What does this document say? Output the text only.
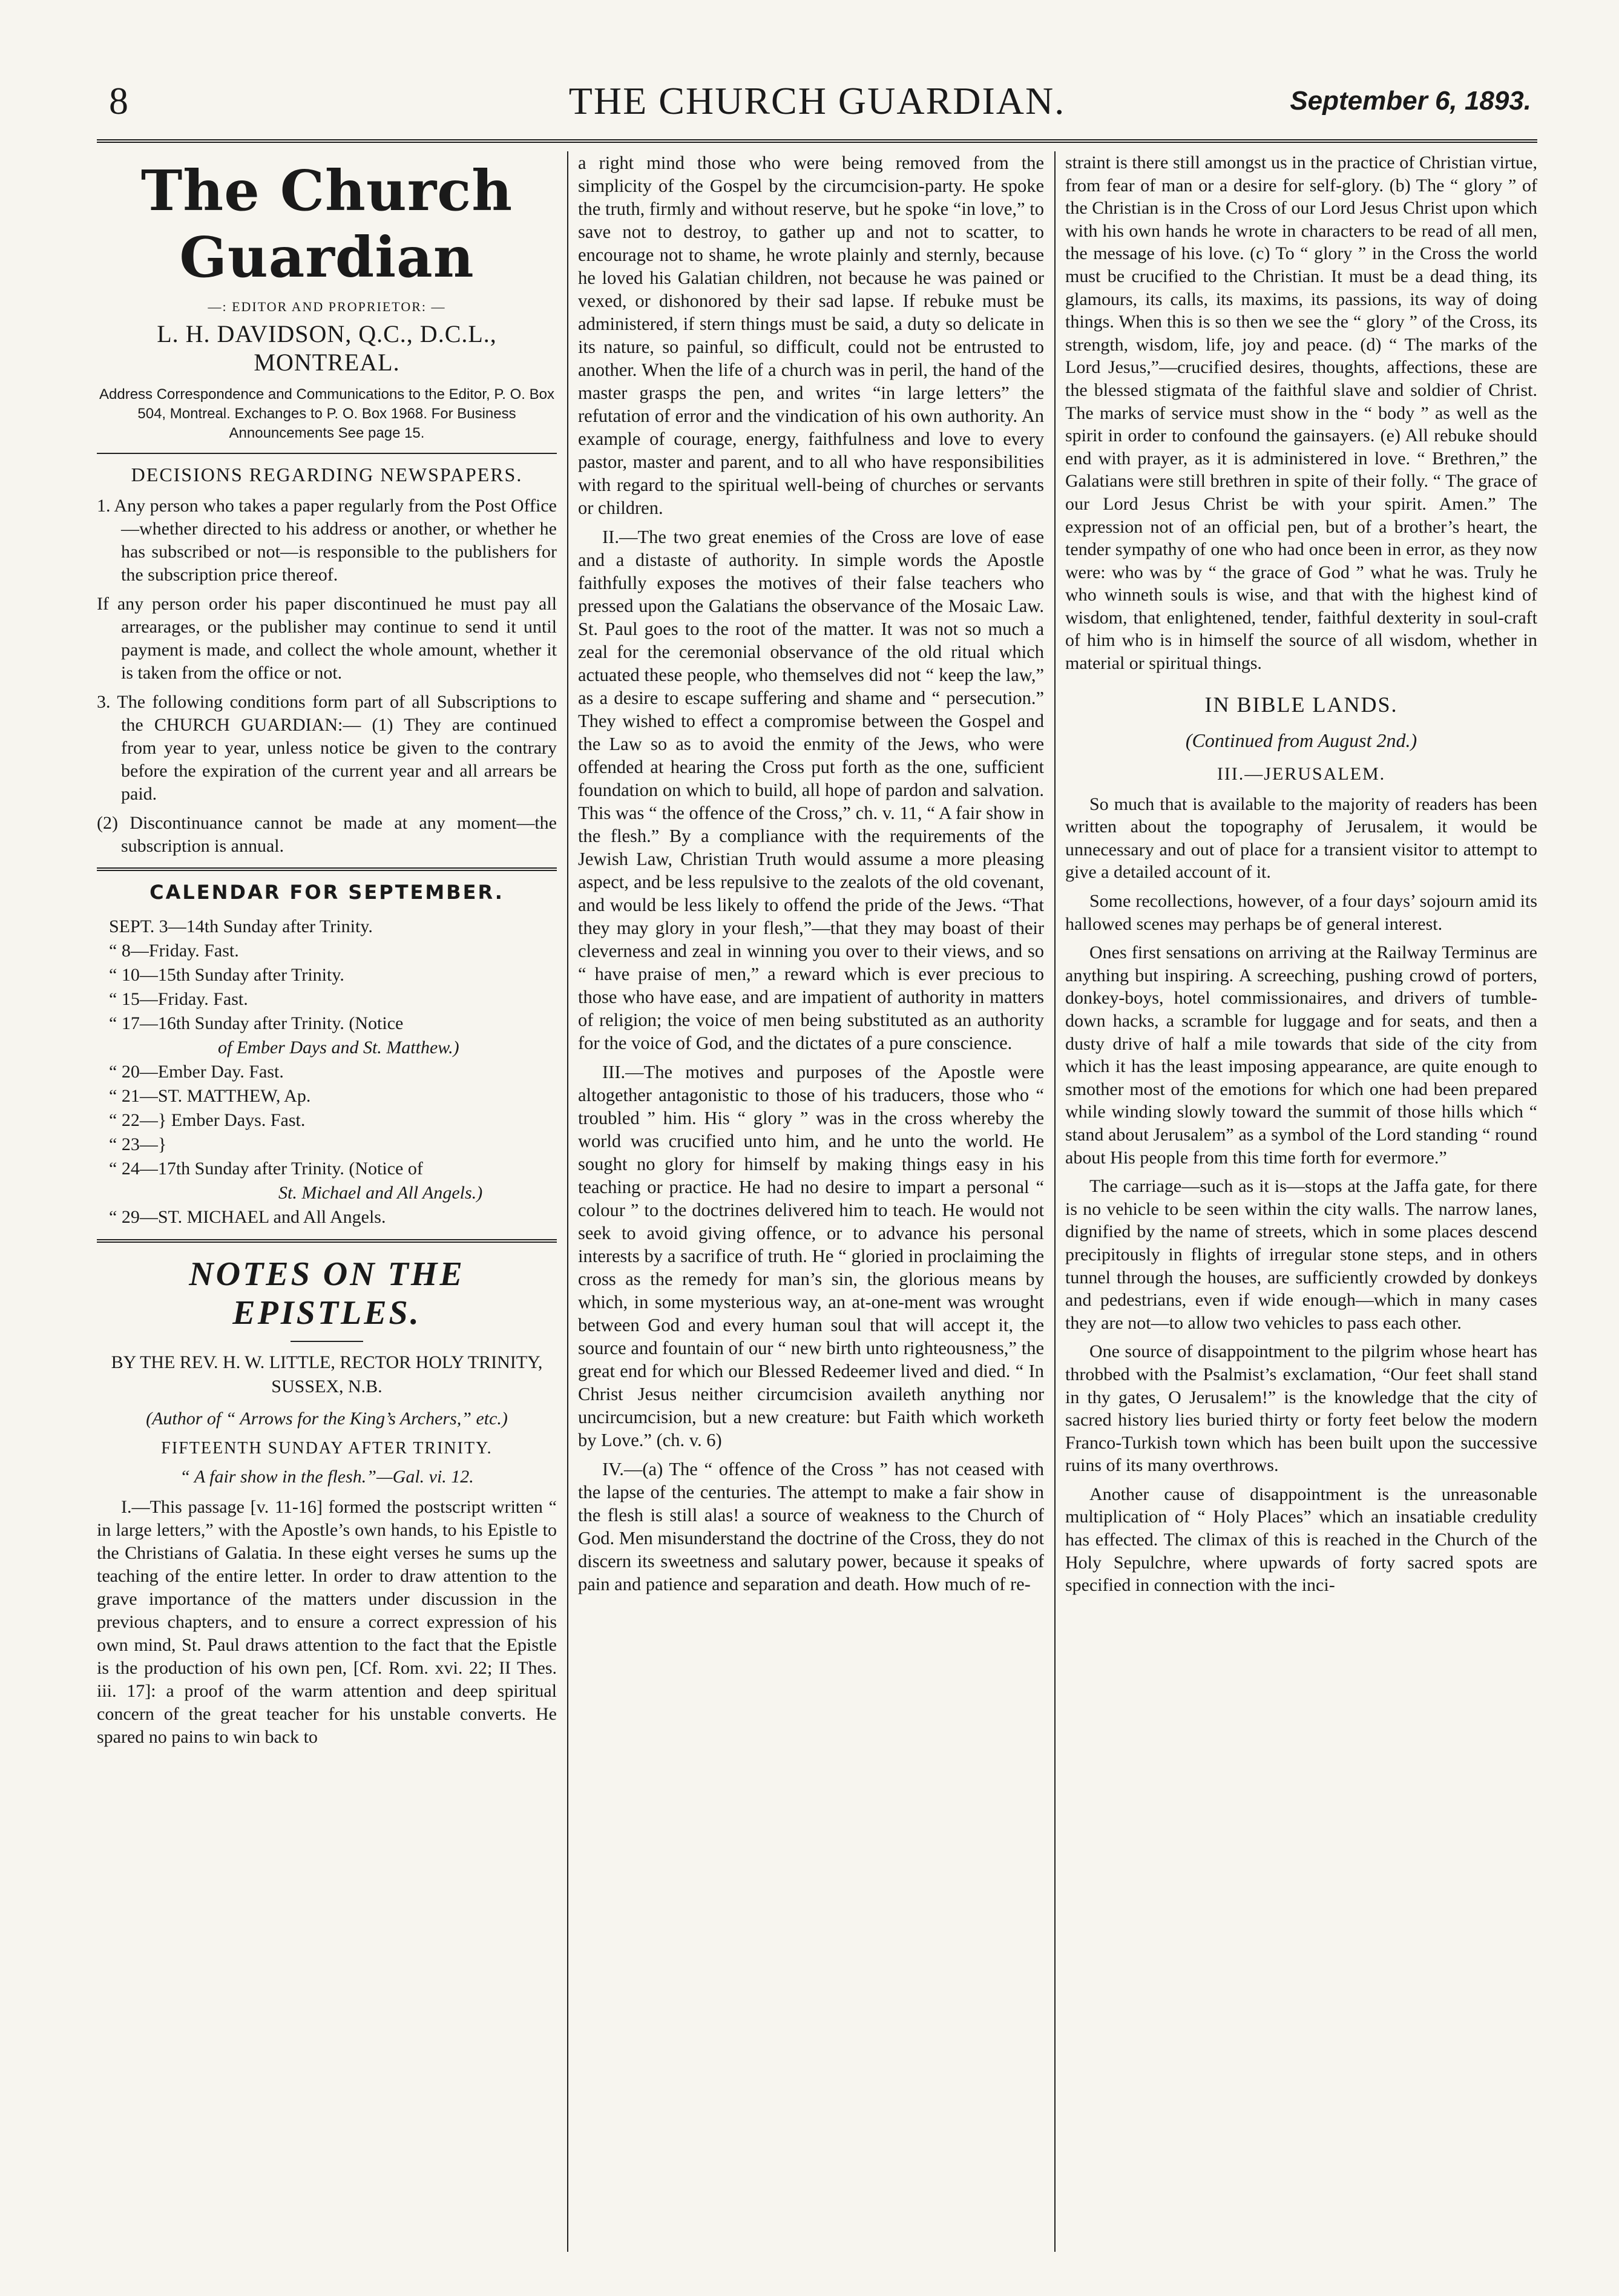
8	THE CHURCH GUARDIAN.	September 6, 1893.
The Church Guardian
—: EDITOR AND PROPRIETOR: —
L. H. DAVIDSON, Q.C., D.C.L., MONTREAL.
Address Correspondence and Communications to the Editor, P. O. Box 504, Montreal. Exchanges to P. O. Box 1968. For Business Announcements See page 15.
DECISIONS REGARDING NEWSPAPERS.
1. Any person who takes a paper regularly from the Post Office—whether directed to his address or another, or whether he has subscribed or not—is responsible to the publishers for the subscription price thereof.
If any person order his paper discontinued he must pay all arrearages, or the publisher may continue to send it until payment is made, and collect the whole amount, whether it is taken from the office or not.
3. The following conditions form part of all Subscriptions to the CHURCH GUARDIAN:— (1) They are continued from year to year, unless notice be given to the contrary before the expiration of the current year and all arrears be paid.
(2) Discontinuance cannot be made at any moment—the subscription is annual.
CALENDAR FOR SEPTEMBER.
SEPT. 3—14th Sunday after Trinity.
“ 8—Friday. Fast.
“ 10—15th Sunday after Trinity.
“ 15—Friday. Fast.
“ 17—16th Sunday after Trinity. (Notice
of Ember Days and St. Matthew.)
“ 20—Ember Day. Fast.
“ 21—ST. MATTHEW, Ap.
“ 22—} Ember Days. Fast.
“ 23—}
“ 24—17th Sunday after Trinity. (Notice of
St. Michael and All Angels.)
“ 29—ST. MICHAEL and All Angels.
NOTES ON THE EPISTLES.
BY THE REV. H. W. LITTLE, RECTOR HOLY TRINITY, SUSSEX, N.B.
(Author of “ Arrows for the King’s Archers,” etc.)
FIFTEENTH SUNDAY AFTER TRINITY.
“ A fair show in the flesh.”—Gal. vi. 12.

I.—This passage [v. 11-16] formed the postscript written “ in large letters,” with the Apostle’s own hands, to his Epistle to the Christians of Galatia. In these eight verses he sums up the teaching of the entire letter. In order to draw attention to the grave importance of the matters under discussion in the previous chapters, and to ensure a correct expression of his own mind, St. Paul draws attention to the fact that the Epistle is the production of his own pen, [Cf. Rom. xvi. 22; II Thes. iii. 17]: a proof of the warm attention and deep spiritual concern of the great teacher for his unstable converts. He spared no pains to win back to

a right mind those who were being removed from the simplicity of the Gospel by the circumcision-party. He spoke the truth, firmly and without reserve, but he spoke “in love,” to save not to destroy, to gather up and not to scatter, to encourage not to shame, he wrote plainly and sternly, because he loved his Galatian children, not because he was pained or vexed, or dishonored by their sad lapse. If rebuke must be administered, if stern things must be said, a duty so delicate in its nature, so painful, so difficult, could not be entrusted to another. When the life of a church was in peril, the hand of the master grasps the pen, and writes “in large letters” the refutation of error and the vindication of his own authority. An example of courage, energy, faithfulness and love to every pastor, master and parent, and to all who have responsibilities with regard to the spiritual well-being of churches or servants or children.

II.—The two great enemies of the Cross are love of ease and a distaste of authority. In simple words the Apostle faithfully exposes the motives of their false teachers who pressed upon the Galatians the observance of the Mosaic Law. St. Paul goes to the root of the matter. It was not so much a zeal for the ceremonial observance of the old ritual which actuated these people, who themselves did not “ keep the law,” as a desire to escape suffering and shame and “ persecution.” They wished to effect a compromise between the Gospel and the Law so as to avoid the enmity of the Jews, who were offended at hearing the Cross put forth as the one, sufficient foundation on which to build, all hope of pardon and salvation. This was “ the offence of the Cross,” ch. v. 11, “ A fair show in the flesh.” By a compliance with the requirements of the Jewish Law, Christian Truth would assume a more pleasing aspect, and be less repulsive to the zealots of the old covenant, and would be less likely to offend the pride of the Jews. “That they may glory in your flesh,”—that they may boast of their cleverness and zeal in winning you over to their views, and so “ have praise of men,” a reward which is ever precious to those who have ease, and are impatient of authority in matters of religion; the voice of men being substituted as an authority for the voice of God, and the dictates of a pure conscience.

III.—The motives and purposes of the Apostle were altogether antagonistic to those of his traducers, those who “ troubled ” him. His “ glory ” was in the cross whereby the world was crucified unto him, and he unto the world. He sought no glory for himself by making things easy in his teaching or practice. He had no desire to impart a personal “ colour ” to the doctrines delivered him to teach. He would not seek to avoid giving offence, or to advance his personal interests by a sacrifice of truth. He “ gloried in proclaiming the cross as the remedy for man’s sin, the glorious means by which, in some mysterious way, an at-one-ment was wrought between God and every human soul that will accept it, the source and fountain of our “ new birth unto righteousness,” the great end for which our Blessed Redeemer lived and died. “ In Christ Jesus neither circumcision availeth anything nor uncircumcision, but a new creature: but Faith which worketh by Love.” (ch. v. 6)

IV.—(a) The “ offence of the Cross ” has not ceased with the lapse of the centuries. The attempt to make a fair show in the flesh is still alas! a source of weakness to the Church of God. Men misunderstand the doctrine of the Cross, they do not discern its sweetness and salutary power, because it speaks of pain and patience and separation and death. How much of re-

straint is there still amongst us in the practice of Christian virtue, from fear of man or a desire for self-glory. (b) The “ glory ” of the Christian is in the Cross of our Lord Jesus Christ upon which with his own hands he wrote in characters to be read of all men, the message of his love. (c) To “ glory ” in the Cross the world must be crucified to the Christian. It must be a dead thing, its glamours, its calls, its maxims, its passions, its way of doing things. When this is so then we see the “ glory ” of the Cross, its strength, wisdom, life, joy and peace. (d) “ The marks of the Lord Jesus,”—crucified desires, thoughts, affections, these are the blessed stigmata of the faithful slave and soldier of Christ. The marks of service must show in the “ body ” as well as the spirit in order to confound the gainsayers. (e) All rebuke should end with prayer, as it is administered in love. “ Brethren,” the Galatians were still brethren in spite of their folly. “ The grace of our Lord Jesus Christ be with your spirit. Amen.” The expression not of an official pen, but of a brother’s heart, the tender sympathy of one who had once been in error, as they now were: who was by “ the grace of God ” what he was. Truly he who winneth souls is wise, and that with the highest kind of wisdom, that enlightened, tender, faithful dexterity in soul-craft of him who is in himself the source of all wisdom, whether in material or spiritual things.

IN BIBLE LANDS.
(Continued from August 2nd.)
III.—JERUSALEM.

So much that is available to the majority of readers has been written about the topography of Jerusalem, it would be unnecessary and out of place for a transient visitor to attempt to give a detailed account of it.

Some recollections, however, of a four days’ sojourn amid its hallowed scenes may perhaps be of general interest.

Ones first sensations on arriving at the Railway Terminus are anything but inspiring. A screeching, pushing crowd of porters, donkey-boys, hotel commissionaires, and drivers of tumble-down hacks, a scramble for luggage and for seats, and then a dusty drive of half a mile towards that side of the city from which it has the least imposing appearance, are quite enough to smother most of the emotions for which one had been prepared while winding slowly toward the summit of those hills which “ stand about Jerusalem” as a symbol of the Lord standing “ round about His people from this time forth for evermore.”

The carriage—such as it is—stops at the Jaffa gate, for there is no vehicle to be seen within the city walls. The narrow lanes, dignified by the name of streets, which in some places descend precipitously in flights of irregular stone steps, and in others tunnel through the houses, are sufficiently crowded by donkeys and pedestrians, even if wide enough—which in many cases they are not—to allow two vehicles to pass each other.

One source of disappointment to the pilgrim whose heart has throbbed with the Psalmist’s exclamation, “Our feet shall stand in thy gates, O Jerusalem!” is the knowledge that the city of sacred history lies buried thirty or forty feet below the modern Franco-Turkish town which has been built upon the successive ruins of its many overthrows.

Another cause of disappointment is the unreasonable multiplication of “ Holy Places” which an insatiable credulity has effected. The climax of this is reached in the Church of the Holy Sepulchre, where upwards of forty sacred spots are specified in connection with the inci-
